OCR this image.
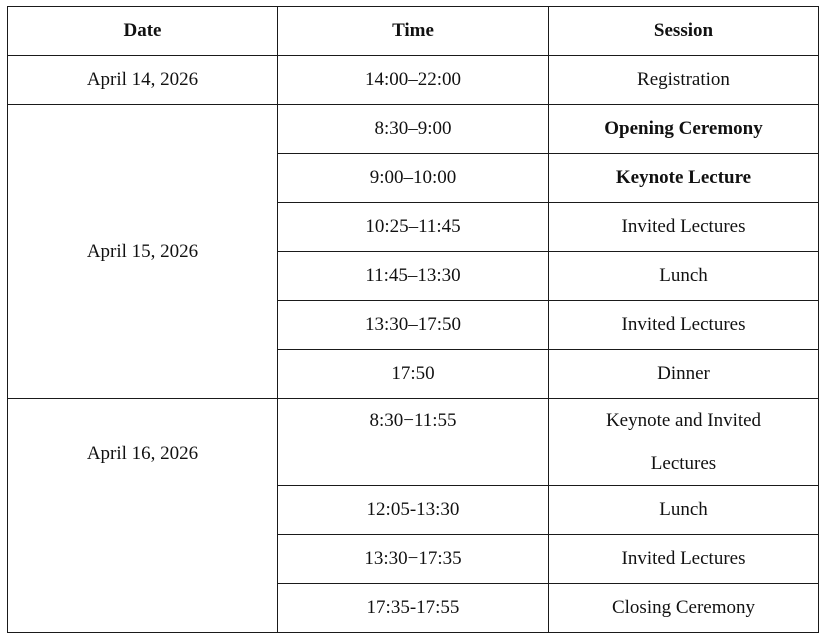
Date	Time	Session
April 14, 2026	14:00–22:00	Registration
April 15, 2026	8:30–9:00	Opening Ceremony
	9:00–10:00	Keynote Lecture
	10:25–11:45	Invited Lectures
	11:45–13:30	Lunch
	13:30–17:50	Invited Lectures
	17:50	Dinner
April 16, 2026	8:30−11:55	Keynote and Invited Lectures
	12:05-13:30	Lunch
	13:30−17:35	Invited Lectures
	17:35-17:55	Closing Ceremony
